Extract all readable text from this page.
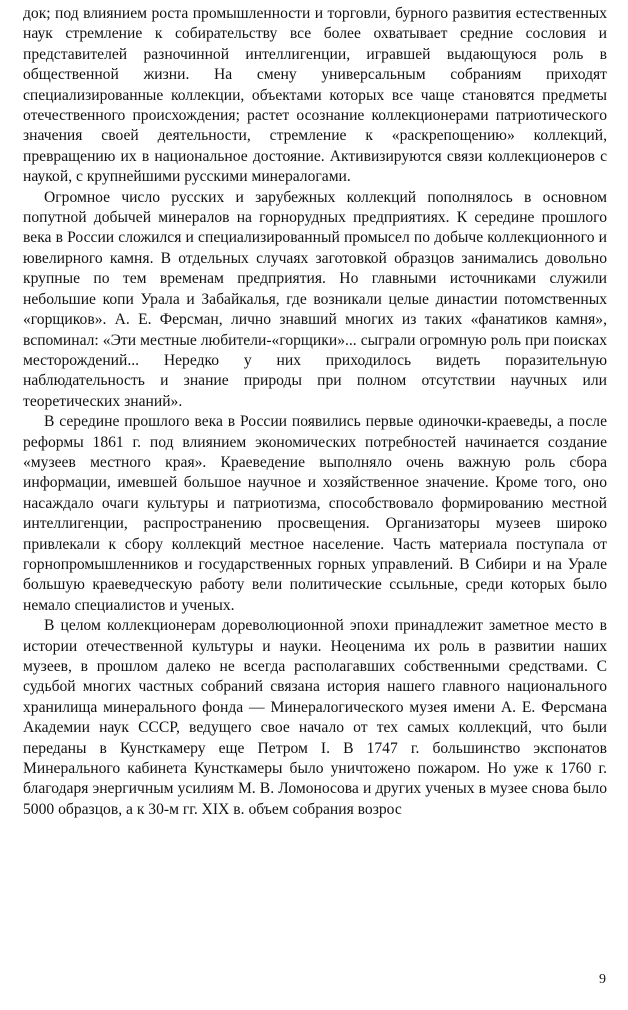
док; под влиянием роста промышленности и торговли, бурного развития естественных наук стремление к собирательству все более охватывает средние сословия и представителей разночинной интеллигенции, игравшей выдающуюся роль в общественной жизни. На смену универсальным собраниям приходят специализированные коллекции, объектами которых все чаще становятся предметы отечественного происхождения; растет осознание коллекционерами патриотического значения своей деятельности, стремление к «раскрепощению» коллекций, превращению их в национальное достояние. Активизируются связи коллекционеров с наукой, с крупнейшими русскими минералогами.

Огромное число русских и зарубежных коллекций пополнялось в основном попутной добычей минералов на горнорудных предприятиях. К середине прошлого века в России сложился и специализированный промысел по добыче коллекционного и ювелирного камня. В отдельных случаях заготовкой образцов занимались довольно крупные по тем временам предприятия. Но главными источниками служили небольшие копи Урала и Забайкалья, где возникали целые династии потомственных «горщиков». А. Е. Ферсман, лично знавший многих из таких «фанатиков камня», вспоминал: «Эти местные любители-«горщики»... сыграли огромную роль при поисках месторождений... Нередко у них приходилось видеть поразительную наблюдательность и знание природы при полном отсутствии научных или теоретических знаний».

В середине прошлого века в России появились первые одиночки-краеведы, а после реформы 1861 г. под влиянием экономических потребностей начинается создание «музеев местного края». Краеведение выполняло очень важную роль сбора информации, имевшей большое научное и хозяйственное значение. Кроме того, оно насаждало очаги культуры и патриотизма, способствовало формированию местной интеллигенции, распространению просвещения. Организаторы музеев широко привлекали к сбору коллекций местное население. Часть материала поступала от горнопромышленников и государственных горных управлений. В Сибири и на Урале большую краеведческую работу вели политические ссыльные, среди которых было немало специалистов и ученых.

В целом коллекционерам дореволюционной эпохи принадлежит заметное место в истории отечественной культуры и науки. Неоценима их роль в развитии наших музеев, в прошлом далеко не всегда располагавших собственными средствами. С судьбой многих частных собраний связана история нашего главного национального хранилища минерального фонда — Минералогического музея имени А. Е. Ферсмана Академии наук СССР, ведущего свое начало от тех самых коллекций, что были переданы в Кунсткамеру еще Петром I. В 1747 г. большинство экспонатов Минерального кабинета Кунсткамеры было уничтожено пожаром. Но уже к 1760 г. благодаря энергичным усилиям М. В. Ломоносова и других ученых в музее снова было 5000 образцов, а к 30-м гг. XIX в. объем собрания возрос

9
